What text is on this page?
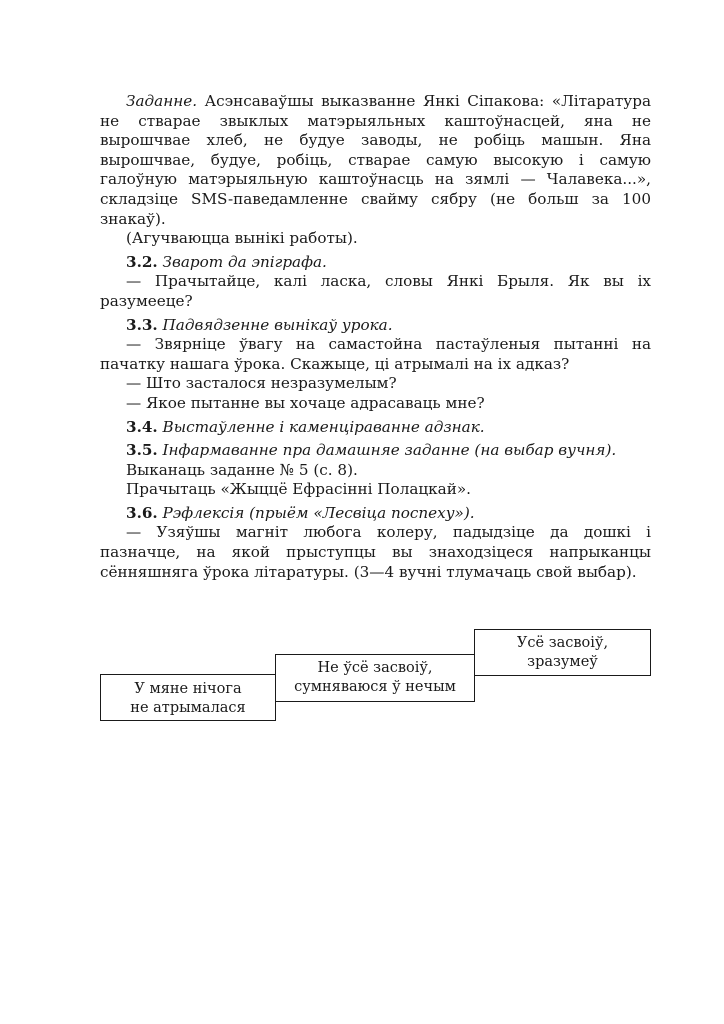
Заданне. Асэнсаваўшы выказванне Янкі Сіпакова: «Літаратура не стварае звыклых матэрыяльных каштоўнасцей, яна не вырошчвае хлеб, не будуе заводы, не робіць машын. Яна вырошчвае, будуе, робіць, стварае самую высокую і самую галоўную матэрыяльную каштоўнасць на зямлі — Чалавека...», складзіце SMS-паведамленне свайму сябру (не больш за 100 знакаў).

(Агучваюцца вынікі работы).

3.2. Зварот да эпіграфа.

— Прачытайце, калі ласка, словы Янкі Брыля. Як вы іх разумееце?

3.3. Падвядзенне вынікаў урока.

— Звярніце ўвагу на самастойна пастаўленыя пытанні на пачатку нашага ўрока. Скажыце, ці атрымалі на іх адказ?

— Што засталося незразумелым?

— Якое пытанне вы хочаце адрасаваць мне?

3.4. Выстаўленне і каменціраванне адзнак.

3.5. Інфармаванне пра дамашняе заданне (на выбар вучня).

Выканаць заданне № 5 (с. 8).

Прачытаць «Жыццё Ефрасінні Полацкай».

3.6. Рэфлексія (прыём «Лесвіца поспеху»).

— Узяўшы магніт любога колеру, падыдзіце да дошкі і пазначце, на якой прыступцы вы знаходзіцеся напрыканцы сённяшняга ўрока літаратуры. (3—4 вучні тлумачаць свой выбар).

У мяне нічога
не атрымалася
Не ўсё засвоіў,
сумняваюся ў нечым
Усё засвоіў,
зразумеў
